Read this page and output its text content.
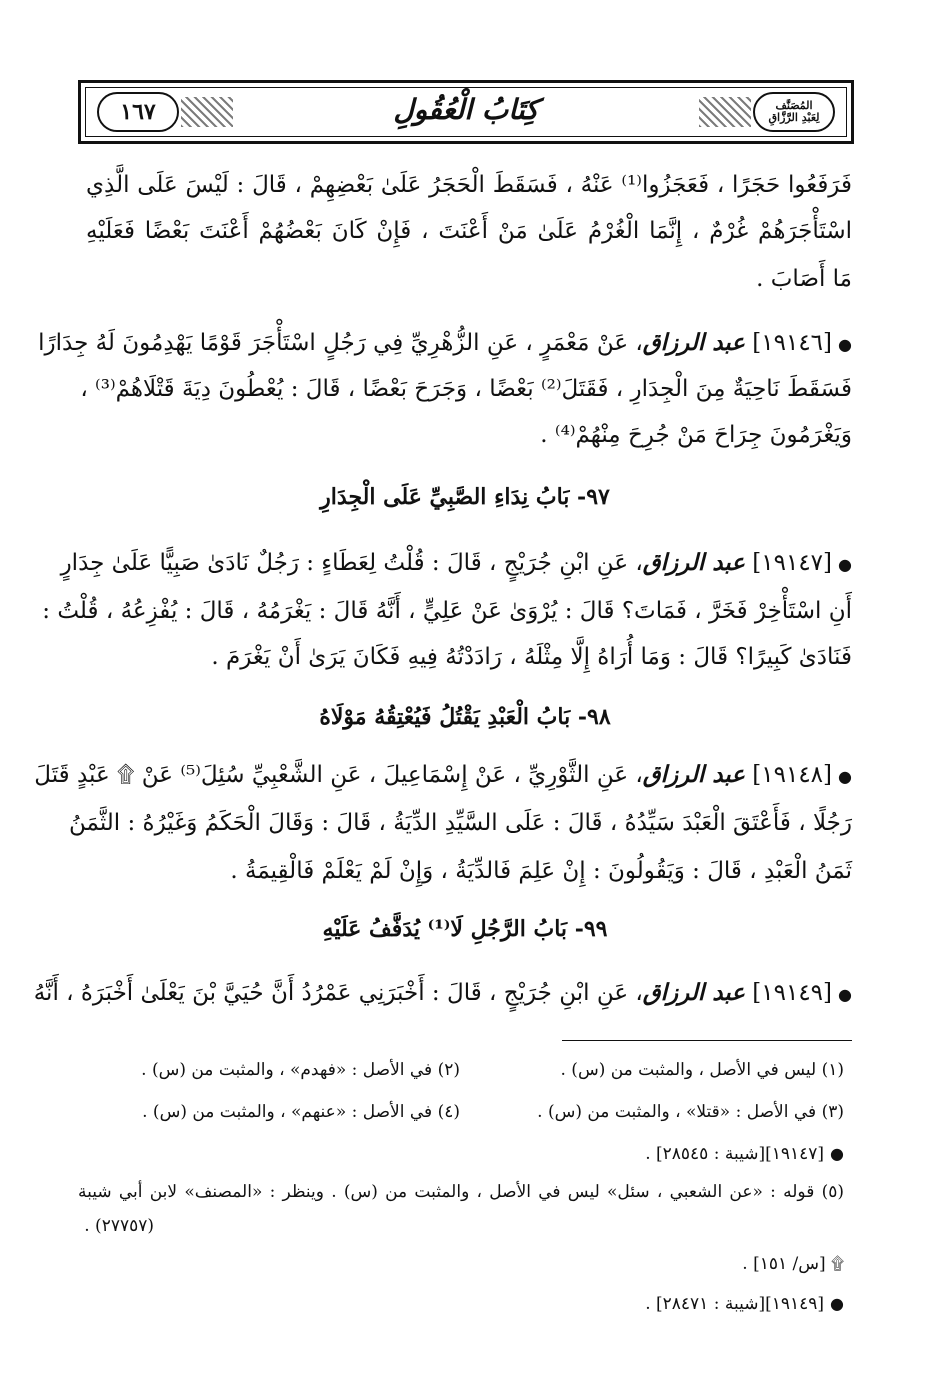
المُصَنَّف
لِعَبْدِ الرَّزَّاقِ
كِتَابُ الْعُقُولِ
١٦٧
فَرَفَعُوا حَجَرًا ، فَعَجَزُوا⁽¹⁾ عَنْهُ ، فَسَقَطَ الْحَجَرُ عَلَىٰ بَعْضِهِمْ ، قَالَ : لَيْسَ عَلَى الَّذِي
اسْتَأْجَرَهُمْ غُرْمٌ ، إِنَّمَا الْغُرْمُ عَلَىٰ مَنْ أَعْنَتَ ، فَإِنْ كَانَ بَعْضُهُمْ أَعْنَتَ بَعْضًا فَعَلَيْهِ
مَا أَصَابَ .
●[١٩١٤٦] عبد الرزاق، عَنْ مَعْمَرٍ ، عَنِ الزُّهْرِيِّ فِي رَجُلٍ اسْتَأْجَرَ قَوْمًا يَهْدِمُونَ لَهُ جِدَارًا
فَسَقَطَ نَاحِيَةٌ مِنَ الْجِدَارِ ، فَقَتَلَ⁽²⁾ بَعْضًا ، وَجَرَحَ بَعْضًا ، قَالَ : يُعْطُونَ دِيَةَ قَتْلَاهُمْ⁽³⁾ ،
وَيَغْرَمُونَ جِرَاحَ مَنْ جُرِحَ مِنْهُمْ⁽⁴⁾ .
٩٧- بَابُ نِدَاءِ الصَّبِيِّ عَلَى الْجِدَارِ
●[١٩١٤٧] عبد الرزاق، عَنِ ابْنِ جُرَيْجٍ ، قَالَ : قُلْتُ لِعَطَاءٍ : رَجُلٌ نَادَىٰ صَبِيًّا عَلَىٰ جِدَارٍ
أَنِ اسْتَأْخِرْ فَخَرَّ ، فَمَاتَ؟ قَالَ : يُرْوَىٰ عَنْ عَلِيٍّ ، أَنَّهُ قَالَ : يَغْرَمُهُ ، قَالَ : يُفْزِعُهُ ، قُلْتُ :
فَنَادَىٰ كَبِيرًا؟ قَالَ : وَمَا أُرَاهُ إِلَّا مِثْلَهُ ، رَادَدْتُهُ فِيهِ فَكَانَ يَرَىٰ أَنْ يَغْرَمَ .
٩٨- بَابُ الْعَبْدِ يَقْتُلُ فَيُعْتِقُهُ مَوْلَاهُ
●[١٩١٤٨] عبد الرزاق، عَنِ الثَّوْرِيِّ ، عَنْ إِسْمَاعِيلَ ، عَنِ الشَّعْبِيِّ سُئِلَ⁽⁵⁾ عَنْ ۩ عَبْدٍ قَتَلَ
رَجُلًا ، فَأَعْتَقَ الْعَبْدَ سَيِّدُهُ ، قَالَ : عَلَى السَّيِّدِ الدِّيَةُ ، قَالَ : وَقَالَ الْحَكَمُ وَغَيْرُهُ : الثَّمَنُ
ثَمَنُ الْعَبْدِ ، قَالَ : وَيَقُولُونَ : إِنْ عَلِمَ فَالدِّيَةُ ، وَإِنْ لَمْ يَعْلَمْ فَالْقِيمَةُ .
٩٩- بَابُ الرَّجُلِ لَا⁽¹⁾ يُدَفَّفُ عَلَيْهِ
●[١٩١٤٩] عبد الرزاق، عَنِ ابْنِ جُرَيْجٍ ، قَالَ : أَخْبَرَنِي عَمْرُدُ أَنَّ حُيَيَّ بْنَ يَعْلَىٰ أَخْبَرَهُ ، أَنَّهُ
(١) ليس في الأصل ، والمثبت من (س) .
(٢) في الأصل : «فهدم» ، والمثبت من (س) .
(٣) في الأصل : «قتلا» ، والمثبت من (س) .
(٤) في الأصل : «عنهم» ، والمثبت من (س) .
●[١٩١٤٧][شيبة : ٢٨٥٤٥] .
(٥) قوله : «عن الشعبي ، سئل» ليس في الأصل ، والمثبت من (س) . وينظر : «المصنف» لابن أبي شيبة
(٢٧٧٥٧) .
۩ [س/ ١٥١] .
●[١٩١٤٩][شيبة : ٢٨٤٧١] .
